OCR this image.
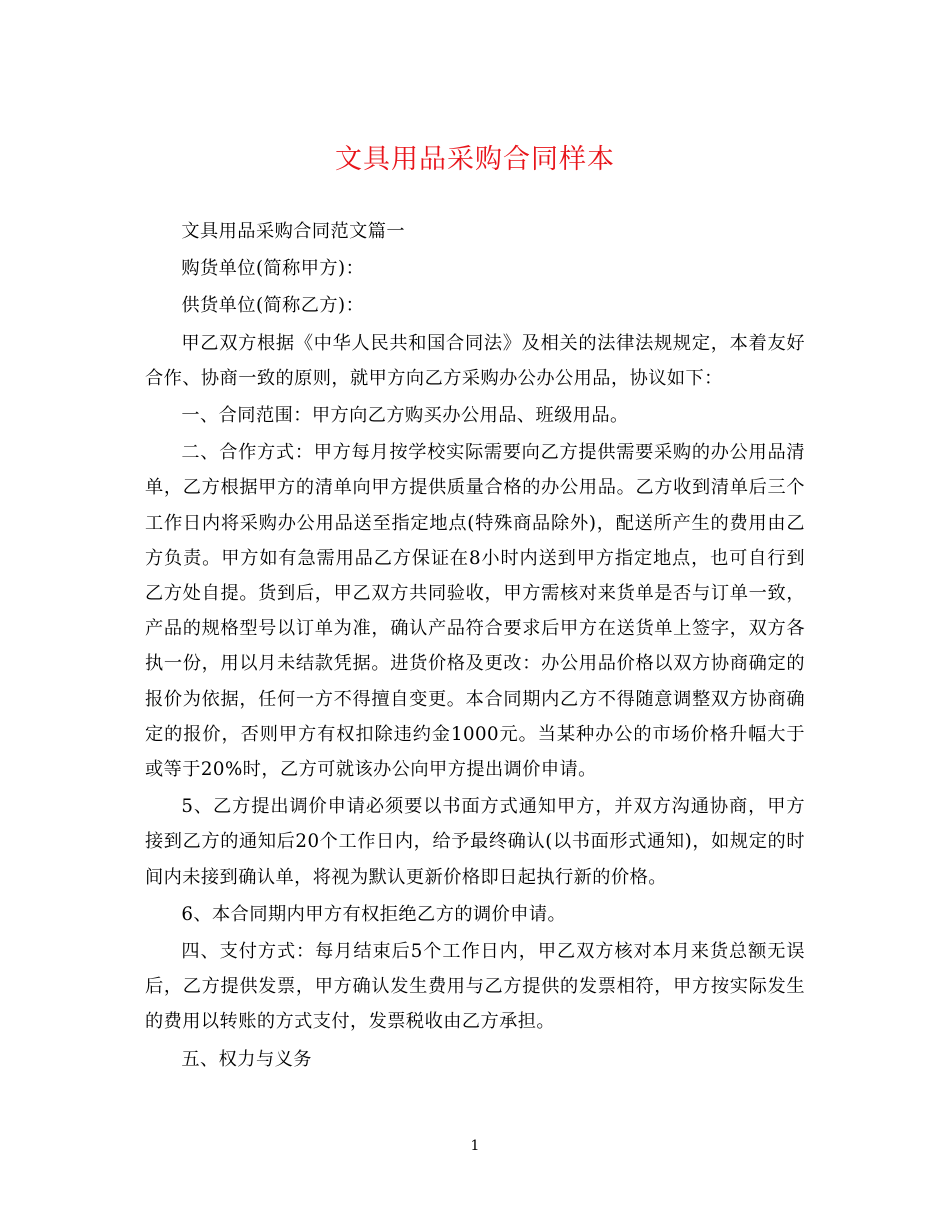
文具用品采购合同样本

文具用品采购合同范文篇一

购货单位(简称甲方)：

供货单位(简称乙方)：

甲乙双方根据《中华人民共和国合同法》及相关的法律法规规定，本着友好合作、协商一致的原则，就甲方向乙方采购办公办公用品，协议如下：

一、合同范围：甲方向乙方购买办公用品、班级用品。

二、合作方式：甲方每月按学校实际需要向乙方提供需要采购的办公用品清单，乙方根据甲方的清单向甲方提供质量合格的办公用品。乙方收到清单后三个工作日内将采购办公用品送至指定地点(特殊商品除外)，配送所产生的费用由乙方负责。甲方如有急需用品乙方保证在8小时内送到甲方指定地点，也可自行到乙方处自提。货到后，甲乙双方共同验收，甲方需核对来货单是否与订单一致，产品的规格型号以订单为准，确认产品符合要求后甲方在送货单上签字，双方各执一份，用以月未结款凭据。进货价格及更改：办公用品价格以双方协商确定的报价为依据，任何一方不得擅自变更。本合同期内乙方不得随意调整双方协商确定的报价，否则甲方有权扣除违约金1000元。当某种办公的市场价格升幅大于或等于20%时，乙方可就该办公向甲方提出调价申请。

5、乙方提出调价申请必须要以书面方式通知甲方，并双方沟通协商，甲方接到乙方的通知后20个工作日内，给予最终确认(以书面形式通知)，如规定的时间内未接到确认单，将视为默认更新价格即日起执行新的价格。

6、本合同期内甲方有权拒绝乙方的调价申请。

四、支付方式：每月结束后5个工作日内，甲乙双方核对本月来货总额无误后，乙方提供发票，甲方确认发生费用与乙方提供的发票相符，甲方按实际发生的费用以转账的方式支付，发票税收由乙方承担。

五、权力与义务

1
